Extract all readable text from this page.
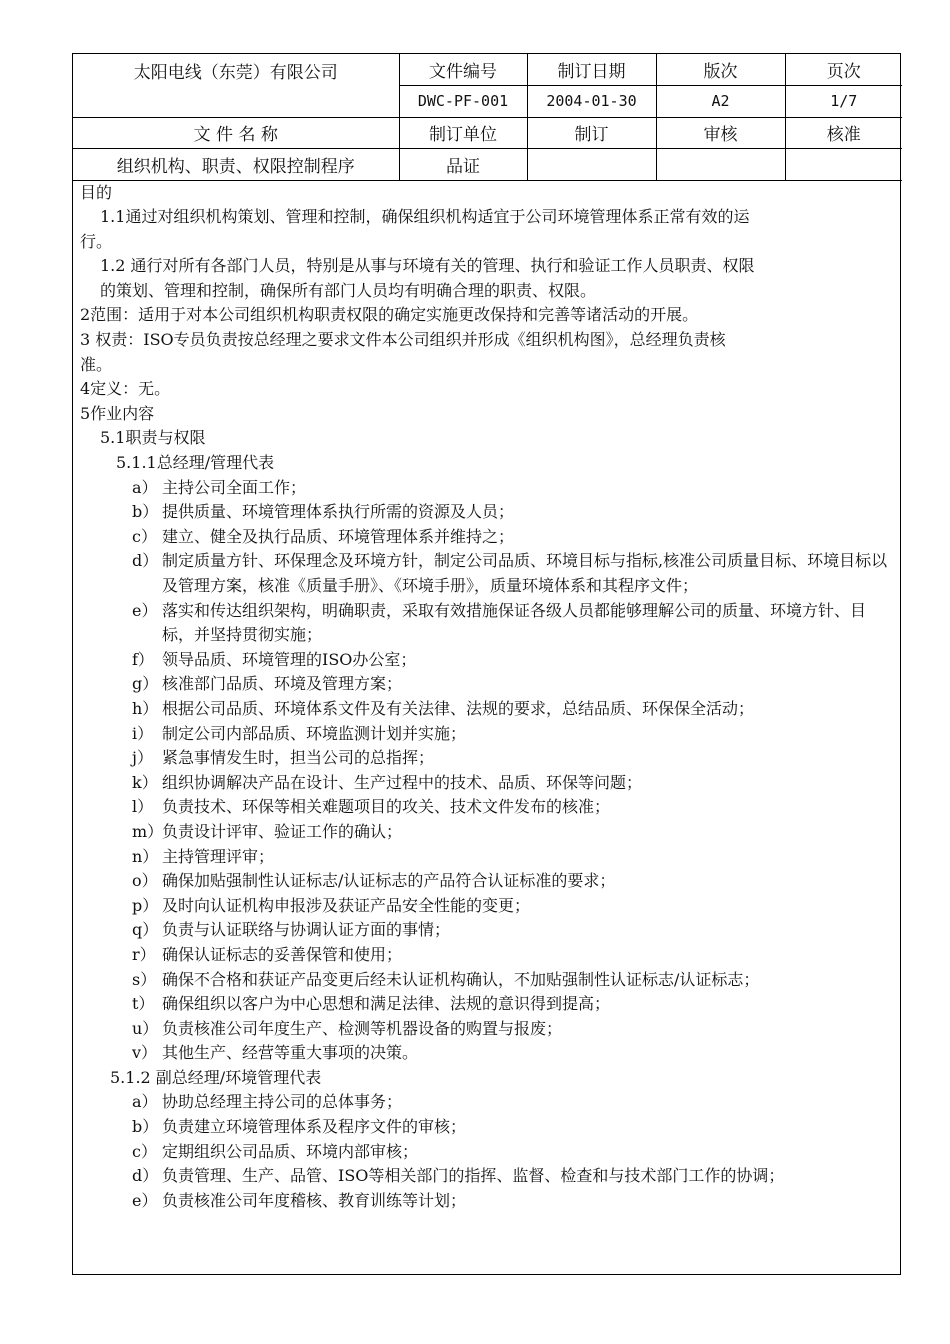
太阳电线（东莞）有限公司	文件编号	制订日期	版次	页次
	DWC-PF-001	2004-01-30	A2	1/7
文 件 名 称	制订单位	制订	审核	核准
组织机构、职责、权限控制程序	品证			
目的
1.1通过对组织机构策划、管理和控制，确保组织机构适宜于公司环境管理体系正常有效的运
行。
1.2 通行对所有各部门人员，特别是从事与环境有关的管理、执行和验证工作人员职责、权限
的策划、管理和控制，确保所有部门人员均有明确合理的职责、权限。
2范围：适用于对本公司组织机构职责权限的确定实施更改保持和完善等诸活动的开展。
3 权责：ISO专员负责按总经理之要求文件本公司组织并形成《组织机构图》，总经理负责核
准。
4定义：无。
5作业内容
5.1职责与权限
5.1.1总经理/管理代表
a） 主持公司全面工作；
b） 提供质量、环境管理体系执行所需的资源及人员；
c） 建立、健全及执行品质、环境管理体系并维持之；
d） 制定质量方针、环保理念及环境方针，制定公司品质、环境目标与指标,核准公司质量目标、环境目标以及管理方案，核准《质量手册》、《环境手册》，质量环境体系和其程序文件；
e） 落实和传达组织架构，明确职责，采取有效措施保证各级人员都能够理解公司的质量、环境方针、目标，并坚持贯彻实施；
f） 领导品质、环境管理的ISO办公室；
g） 核准部门品质、环境及管理方案；
h） 根据公司品质、环境体系文件及有关法律、法规的要求，总结品质、环保保全活动；
i） 制定公司内部品质、环境监测计划并实施；
j） 紧急事情发生时，担当公司的总指挥；
k） 组织协调解决产品在设计、生产过程中的技术、品质、环保等问题；
l） 负责技术、环保等相关难题项目的攻关、技术文件发布的核准；
m）
负责设计评审、验证工作的确认；
n） 主持管理评审；
o） 确保加贴强制性认证标志/认证标志的产品符合认证标准的要求；
p） 及时向认证机构申报涉及获证产品安全性能的变更；
q） 负责与认证联络与协调认证方面的事情；
r） 确保认证标志的妥善保管和使用；
s） 确保不合格和获证产品变更后经未认证机构确认，不加贴强制性认证标志/认证标志；
t） 确保组织以客户为中心思想和满足法律、法规的意识得到提高；
u） 负责核准公司年度生产、检测等机器设备的购置与报废；
v） 其他生产、经营等重大事项的决策。
5.1.2 副总经理/环境管理代表
a） 协助总经理主持公司的总体事务；
b） 负责建立环境管理体系及程序文件的审核；
c） 定期组织公司品质、环境内部审核；
d） 负责管理、生产、品管、ISO等相关部门的指挥、监督、检查和与技术部门工作的协调；
e） 负责核准公司年度稽核、教育训练等计划；
